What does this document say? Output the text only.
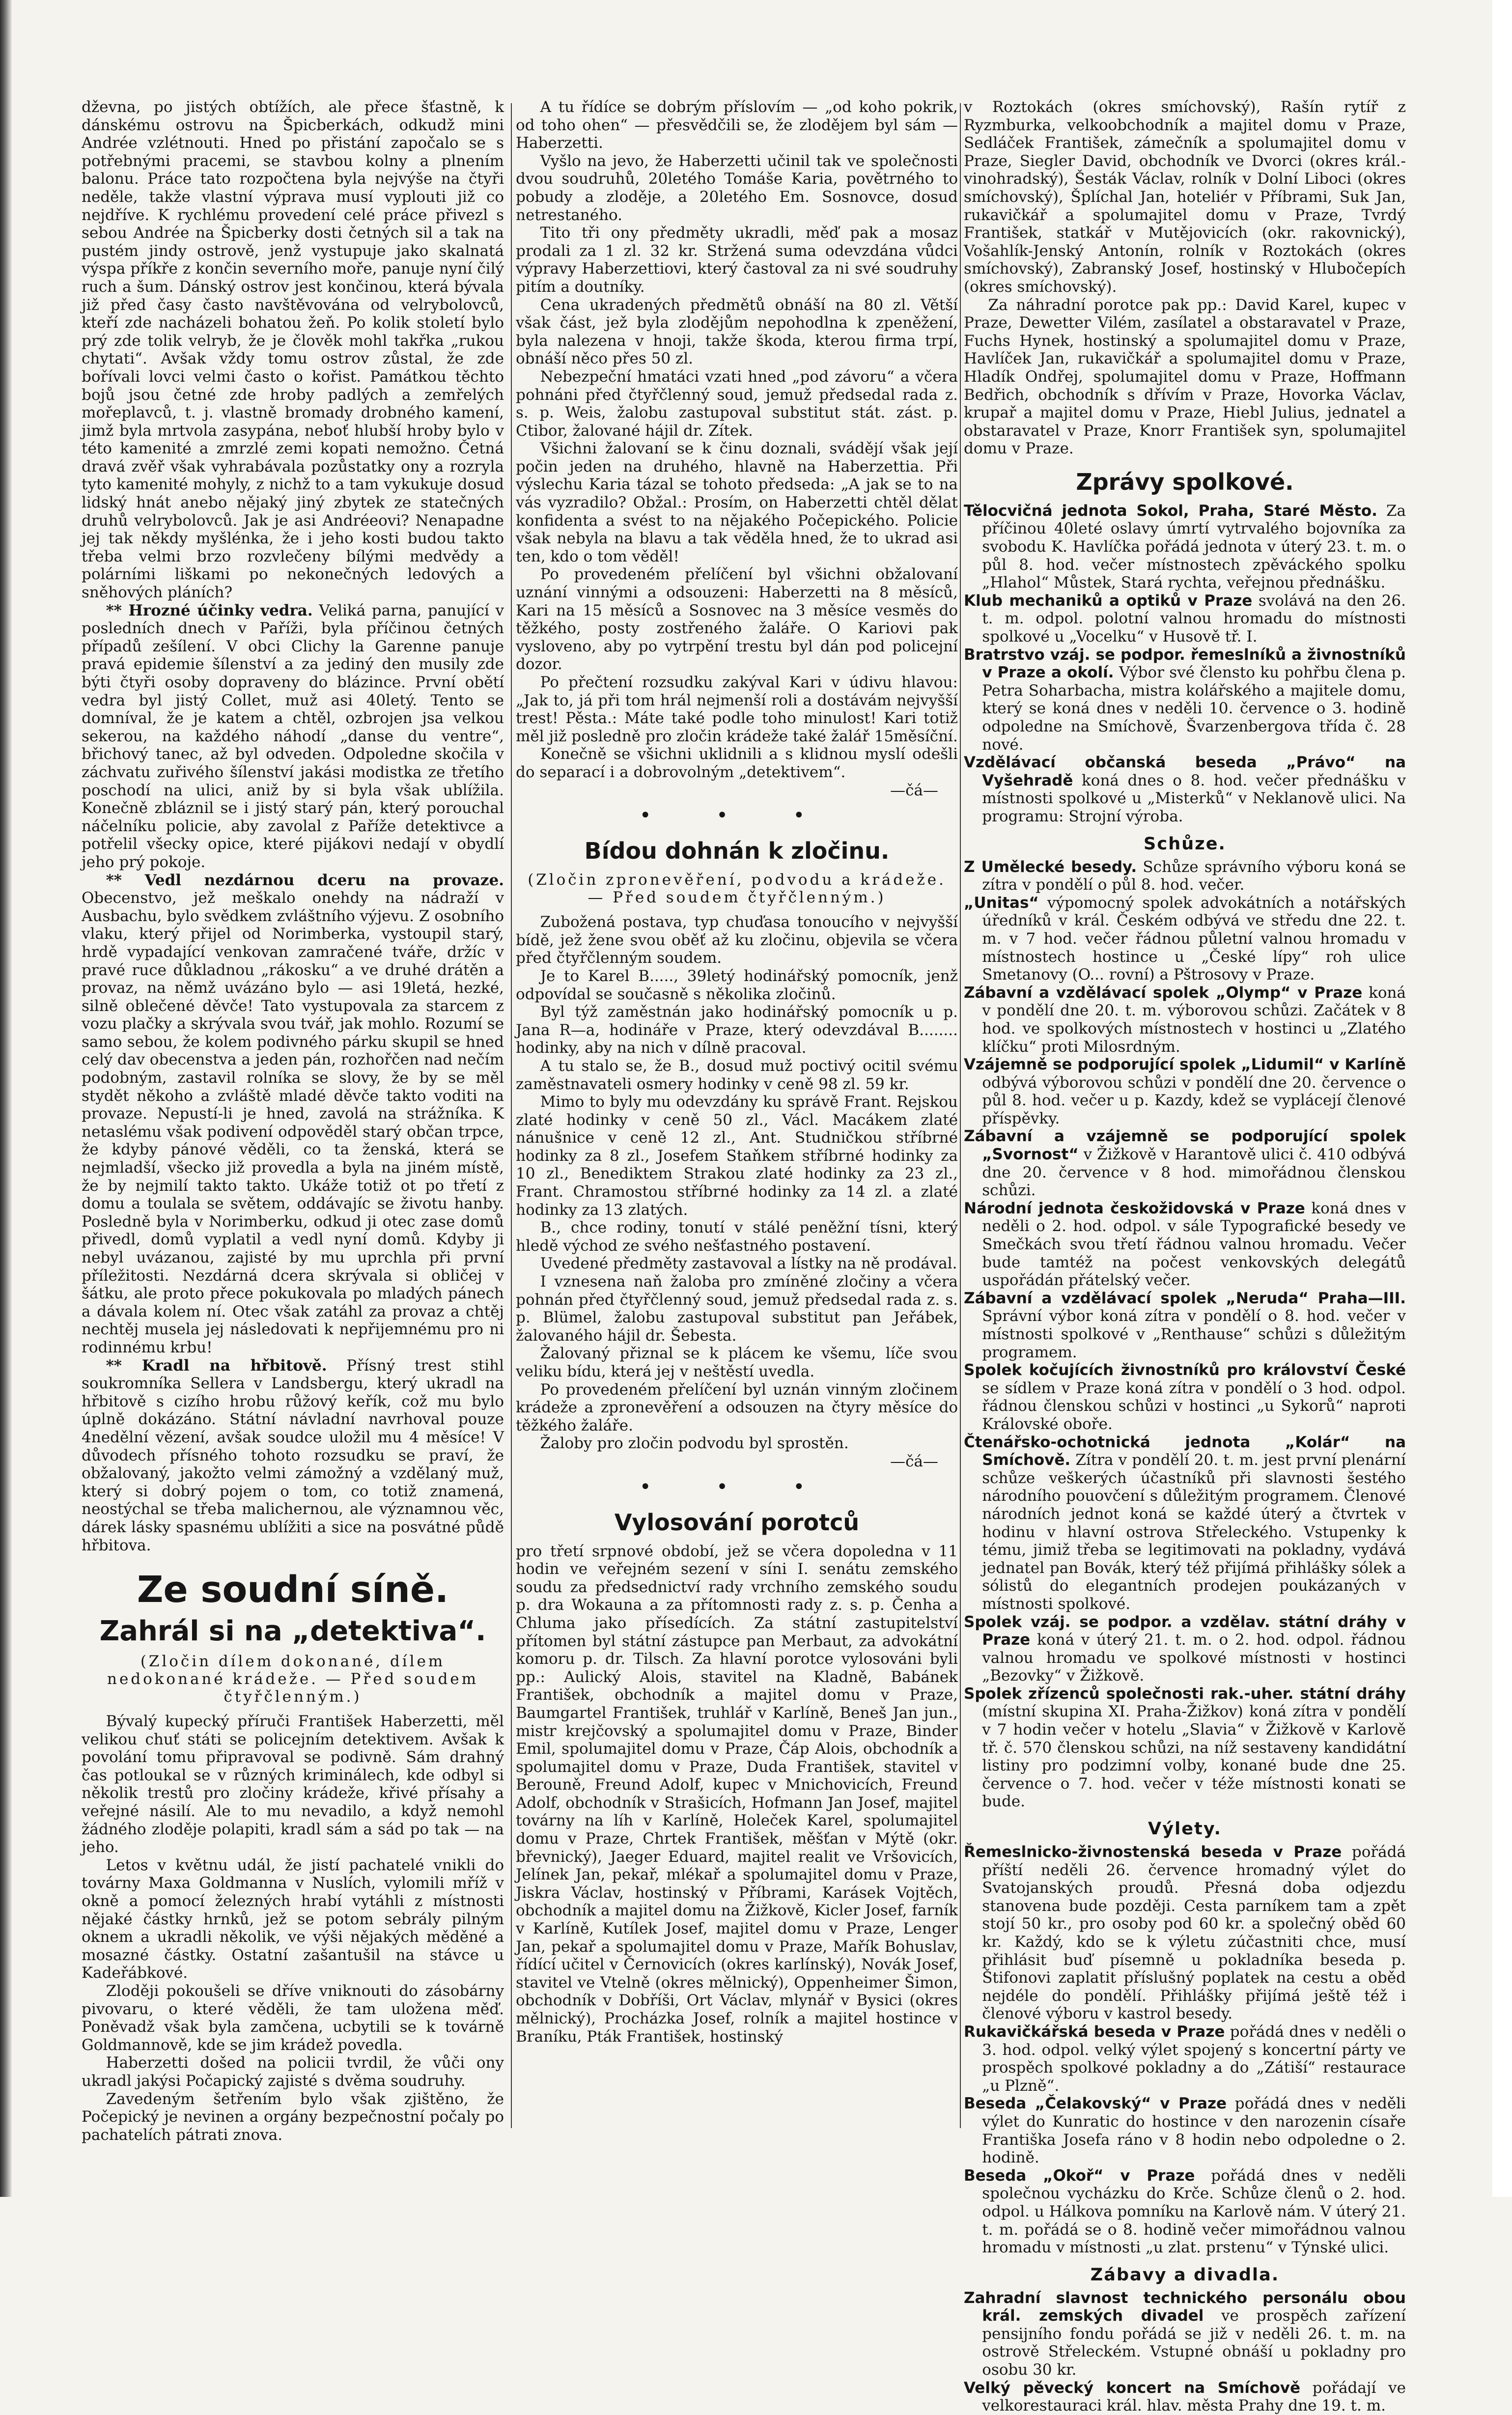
dževna, po jistých obtížích, ale přece šťastně, k dánskému ostrovu na Špicberkách, odkudž mini Andrée vzlétnouti. Hned po přistání započalo se s potřebnými pracemi, se stavbou kolny a plnením balonu. Práce tato rozpočtena byla nejvýše na čtyři neděle, takže vlastní výprava musí vyplouti již co nejdříve. K rychlému provedení celé práce přivezl s sebou Andrée na Špicberky dosti četných sil a tak na pustém jindy ostrově, jenž vystupuje jako skalnatá výspa příkře z končin severního moře, panuje nyní čilý ruch a šum. Dánský ostrov jest končinou, která bývala již před časy často navštěvována od velrybolovců, kteří zde nacházeli bohatou žeň. Po kolik století bylo prý zde tolik velryb, že je člověk mohl takřka „rukou chytati“. Avšak vždy tomu ostrov zůstal, že zde bořívali lovci velmi často o kořist. Památkou těchto bojů jsou četné zde hroby padlých a zemřelých mořeplavců, t. j. vlastně bromady drobného kamení, jimž byla mrtvola zasypána, neboť hlubší hroby bylo v této kamenité a zmrzlé zemi kopati nemožno. Četná dravá zvěř však vyhrabávala pozůstatky ony a rozryla tyto kamenité mohyly, z nichž to a tam vykukuje dosud lidský hnát anebo nějaký jiný zbytek ze statečných druhů velrybolovců. Jak je asi Andréeovi? Nenapadne jej tak někdy myšlénka, že i jeho kosti budou takto třeba velmi brzo rozvlečeny bílými medvědy a polárními liškami po nekonečných ledových a sněhových pláních?

** Hrozné účinky vedra. Veliká parna, panující v posledních dnech v Paříži, byla příčinou četných případů zešílení. V obci Clichy la Garenne panuje pravá epidemie šílenství a za jediný den musily zde býti čtyři osoby dopraveny do blázince. První obětí vedra byl jistý Collet, muž asi 40letý. Tento se domníval, že je katem a chtěl, ozbrojen jsa velkou sekerou, na každého náhodí „danse du ventre“, břichový tanec, až byl odveden. Odpoledne skočila v záchvatu zuřivého šílenství jakási modistka ze třetího poschodí na ulici, aniž by si byla však ublížila. Konečně zbláznil se i jistý starý pán, který porouchal náčelníku policie, aby zavolal z Paříže detektivce a potřelil všecky opice, které pijákovi nedají v obydlí jeho prý pokoje.

** Vedl nezdárnou dceru na provaze. Obecenstvo, jež meškalo onehdy na nádraží v Ausbachu, bylo svědkem zvláštního výjevu. Z osobního vlaku, který přijel od Norimberka, vystoupil starý, hrdě vypadající venkovan zamračené tváře, držíc v pravé ruce důkladnou „rákosku“ a ve druhé drátěn a provaz, na němž uvázáno bylo — asi 19letá, hezké, silně oblečené děvče! Tato vystupovala za starcem z vozu plačky a skrývala svou tvář, jak mohlo. Rozumí se samo sebou, že kolem podivného párku skupil se hned celý dav obecenstva a jeden pán, rozhořčen nad nečím podobným, zastavil rolníka se slovy, že by se měl stydět někoho a zvláště mladé děvče takto voditi na provaze. Nepustí-li je hned, zavolá na strážníka. K netaslému však podivení odpověděl starý občan trpce, že kdyby pánové věděli, co ta ženská, která se nejmladší, všecko již provedla a byla na jiném místě, že by nejmilí takto takto. Ukáže totiž ot po třetí z domu a toulala se světem, oddávajíc se životu hanby. Posledně byla v Norimberku, odkud ji otec zase domů přivedl, domů vyplatil a vedl nyní domů. Kdyby ji nebyl uvázanou, zajisté by mu uprchla při první příležitosti. Nezdárná dcera skrývala si obličej v šátku, ale proto přece pokukovala po mladých pánech a dávala kolem ní. Otec však zatáhl za provaz a chtěj nechtěj musela jej následovati k nepřijemnému pro ni rodinnému krbu!

** Kradl na hřbitově. Přísný trest stihl soukromníka Sellera v Landsbergu, který ukradl na hřbitově s cizího hrobu růžový keřík, což mu bylo úplně dokázáno. Státní návladní navrhoval pouze 4nedělní vězení, avšak soudce uložil mu 4 měsíce! V důvodech přísného tohoto rozsudku se praví, že obžalovaný, jakožto velmi zámožný a vzdělaný muž, který si dobrý pojem o tom, co totiž znamená, neostýchal se třeba malichernou, ale významnou věc, dárek lásky spasnému ublížiti a sice na posvátné půdě hřbitova.

Ze soudní síně.
Zahrál si na „detektiva“.
(Zločin dílem dokonané, dílem nedokonané krádeže. — Před soudem čtyřčlenným.)

Bývalý kupecký příruči František Haberzetti, měl velikou chuť státi se policejním detektivem. Avšak k povolání tomu připravoval se podivně. Sám drahný čas potloukal se v různých kriminálech, kde odbyl si několik trestů pro zločiny krádeže, křivé přísahy a veřejné násilí. Ale to mu nevadilo, a když nemohl žádného zloděje polapiti, kradl sám a sád po tak — na jeho.

Letos v květnu udál, že jistí pachatelé vnikli do továrny Maxa Goldmanna v Nuslích, vylomili mříž v okně a pomocí železných hrabí vytáhli z místnosti nějaké částky hrnků, jež se potom sebrály pilným oknem a ukradli několik, ve výši nějakých měděné a mosazné částky. Ostatní zašantušil na stávce u Kadeřábkové.

Zloději pokoušeli se dříve vniknouti do zásobárny pivovaru, o které věděli, že tam uložena měď. Poněvadž však byla zamčena, ucbytili se k továrně Goldmannově, kde se jim krádež povedla.

Haberzetti došed na policii tvrdil, že vůči ony ukradl jakýsi Počapický zajisté s dvěma soudruhy.

Zavedeným šetřením bylo však zjištěno, že Počepický je nevinen a orgány bezpečnostní počaly po pachatelích pátrati znova.

A tu řídíce se dobrým příslovím — „od koho pokrik, od toho ohen“ — přesvědčili se, že zlodějem byl sám — Haberzetti.

Vyšlo na jevo, že Haberzetti učinil tak ve společnosti dvou soudruhů, 20letého Tomáše Karia, povětrného to pobudy a zloděje, a 20letého Em. Sosnovce, dosud netrestaného.

Tito tři ony předměty ukradli, měď pak a mosaz prodali za 1 zl. 32 kr. Stržená suma odevzdána vůdci výpravy Haberzettiovi, který častoval za ni své soudruhy pitím a doutníky.

Cena ukradených předmětů obnáší na 80 zl. Větší však část, jež byla zlodějům nepohodlna k zpeněžení, byla nalezena v hnoji, takže škoda, kterou firma trpí, obnáší něco přes 50 zl.

Nebezpeční hmatáci vzati hned „pod závoru“ a včera pohnáni před čtyřčlenný soud, jemuž předsedal rada z. s. p. Weis, žalobu zastupoval substitut stát. zást. p. Ctibor, žalované hájil dr. Zítek.

Všichni žalovaní se k činu doznali, svádějí však její počin jeden na druhého, hlavně na Haberzettia. Při výslechu Karia tázal se tohoto předseda: „A jak se to na vás vyzradilo? Obžal.: Prosím, on Haberzetti chtěl dělat konfidenta a svést to na nějakého Počepického. Policie však nebyla na blavu a tak věděla hned, že to ukrad asi ten, kdo o tom věděl!

Po provedeném přelíčení byl všichni obžalovaní uznání vinnými a odsouzeni: Haberzetti na 8 měsíců, Kari na 15 měsíců a Sosnovec na 3 měsíce vesměs do těžkého, posty zostřeného žaláře. O Kariovi pak vysloveno, aby po vytrpění trestu byl dán pod policejní dozor.

Po přečtení rozsudku zakýval Kari v údivu hlavou: „Jak to, já při tom hrál nejmenší roli a dostávám nejvyšší trest! Pěsta.: Máte také podle toho minulost! Kari totiž měl již posledně pro zločin krádeže také žalář 15měsíční.

Konečně se všichni uklidnili a s klidnou myslí odešli do separací i a dobrovolným „detektivem“.

—čá—

• • •
Bídou dohnán k zločinu.
(Zločin zpronevěření, podvodu a krádeže. — Před soudem čtyřčlenným.)

Zubožená postava, typ chuďasa tonoucího v nejvyšší bídě, jež žene svou oběť až ku zločinu, objevila se včera před čtyřčlenným soudem.

Je to Karel B....., 39letý hodinářský pomocník, jenž odpovídal se současně s několika zločinů.

Byl týž zaměstnán jako hodinářský pomocník u p. Jana R—a, hodináře v Praze, který odevzdával B........ hodinky, aby na nich v dílně pracoval.

A tu stalo se, že B., dosud muž poctivý ocitil svému zaměstnavateli osmery hodinky v ceně 98 zl. 59 kr.

Mimo to byly mu odevzdány ku správě Frant. Rejskou zlaté hodinky v ceně 50 zl., Václ. Macákem zlaté nánušnice v ceně 12 zl., Ant. Studničkou stříbrné hodinky za 8 zl., Josefem Staňkem stříbrné hodinky za 10 zl., Benediktem Strakou zlaté hodinky za 23 zl., Frant. Chramostou stříbrné hodinky za 14 zl. a zlaté hodinky za 13 zlatých.

B., chce rodiny, tonutí v stálé peněžní tísni, který hledě východ ze svého nešťastného postavení.

Uvedené předměty zastavoval a lístky na ně prodával.

I vznesena naň žaloba pro zmíněné zločiny a včera pohnán před čtyřčlenný soud, jemuž předsedal rada z. s. p. Blümel, žalobu zastupoval substitut pan Jeřábek, žalovaného hájil dr. Šebesta.

Žalovaný přiznal se k plácem ke všemu, líče svou veliku bídu, která jej v neštěstí uvedla.

Po provedeném přelíčení byl uznán vinným zločinem krádeže a zpronevěření a odsouzen na čtyry měsíce do těžkého žaláře.

Žaloby pro zločin podvodu byl sprostěn.

—čá—

• • •
Vylosování porotců

pro třetí srpnové období, jež se včera dopoledna v 11 hodin ve veřejném sezení v síni I. senátu zemského soudu za předsednictví rady vrchního zemského soudu p. dra Wokauna a za přítomnosti rady z. s. p. Čenha a Chluma jako přísedících. Za státní zastupitelství přítomen byl státní zástupce pan Merbaut, za advokátní komoru p. dr. Tilsch. Za hlavní porotce vylosováni byli pp.: Aulický Alois, stavitel na Kladně, Babánek František, obchodník a majitel domu v Praze, Baumgartel František, truhlář v Karlíně, Beneš Jan jun., mistr krejčovský a spolumajitel domu v Praze, Binder Emil, spolumajitel domu v Praze, Čáp Alois, obchodník a spolumajitel domu v Praze, Duda František, stavitel v Berouně, Freund Adolf, kupec v Mnichovicích, Freund Adolf, obchodník v Strašicích, Hofmann Jan Josef, majitel továrny na líh v Karlíně, Holeček Karel, spolumajitel domu v Praze, Chrtek František, měšťan v Mýtě (okr. břevnický), Jaeger Eduard, majitel realit ve Vršovicích, Jelínek Jan, pekař, mlékař a spolumajitel domu v Praze, Jiskra Václav, hostinský v Příbrami, Karásek Vojtěch, obchodník a majitel domu na Žižkově, Kicler Josef, farník v Karlíně, Kutílek Josef, majitel domu v Praze, Lenger Jan, pekař a spolumajitel domu v Praze, Mařík Bohuslav, řídící učitel v Černovicích (okres karlínský), Novák Josef, stavitel ve Vtelně (okres mělnický), Oppenheimer Šimon, obchodník v Dobříši, Ort Václav, mlynář v Bysici (okres mělnický), Procházka Josef, rolník a majitel hostince v Braníku, Pták František, hostinský

v Roztokách (okres smíchovský), Rašín rytíř z Ryzmburka, velkoobchodník a majitel domu v Praze, Sedláček František, zámečník a spolumajitel domu v Praze, Siegler David, obchodník ve Dvorci (okres král.-vinohradský), Šesták Václav, rolník v Dolní Liboci (okres smíchovský), Šplíchal Jan, hoteliér v Příbrami, Suk Jan, rukavičkář a spolumajitel domu v Praze, Tvrdý František, statkář v Mutějovicích (okr. rakovnický), Vošahlík-Jenský Antonín, rolník v Roztokách (okres smíchovský), Zabranský Josef, hostinský v Hlubočepích (okres smíchovský).

Za náhradní porotce pak pp.: David Karel, kupec v Praze, Dewetter Vilém, zasílatel a obstaravatel v Praze, Fuchs Hynek, hostinský a spolumajitel domu v Praze, Havlíček Jan, rukavičkář a spolumajitel domu v Praze, Hladík Ondřej, spolumajitel domu v Praze, Hoffmann Bedřich, obchodník s dřívím v Praze, Hovorka Václav, krupař a majitel domu v Praze, Hiebl Julius, jednatel a obstaravatel v Praze, Knorr František syn, spolumajitel domu v Praze.

Zprávy spolkové.

Tělocvičná jednota Sokol, Praha, Staré Město. Za příčinou 40leté oslavy úmrtí vytrvalého bojovníka za svobodu K. Havlíčka pořádá jednota v úterý 23. t. m. o půl 8. hod. večer místnostech zpěváckého spolku „Hlahol“ Můstek, Stará rychta, veřejnou přednášku.

Klub mechaniků a optiků v Praze svolává na den 26. t. m. odpol. polotní valnou hromadu do místnosti spolkové u „Vocelku“ v Husově tř. I.

Bratrstvo vzáj. se podpor. řemeslníků a živnostníků v Praze a okolí. Výbor své člensto ku pohřbu člena p. Petra Soharbacha, mistra kolářského a majitele domu, který se koná dnes v neděli 10. července o 3. hodině odpoledne na Smíchově, Švarzenbergova třída č. 28 nové.

Vzdělávací občanská beseda „Právo“ na Vyšehradě koná dnes o 8. hod. večer přednášku v místnosti spolkové u „Misterků“ v Neklanově ulici. Na programu: Strojní výroba.

Schůze.

Z Umělecké besedy. Schůze správního výboru koná se zítra v pondělí o půl 8. hod. večer.

„Unitas“ výpomocný spolek advokátních a notářských úředníků v král. Českém odbývá ve středu dne 22. t. m. v 7 hod. večer řádnou půletní valnou hromadu v místnostech hostince u „České lípy“ roh ulice Smetanovy (O... rovní) a Pštrosovy v Praze.

Zábavní a vzdělávací spolek „Olymp“ v Praze koná v pondělí dne 20. t. m. výborovou schůzi. Začátek v 8 hod. ve spolkových místnostech v hostinci u „Zlatého klíčku“ proti Milosrdným.

Vzájemně se podporující spolek „Lidumil“ v Karlíně odbývá výborovou schůzi v pondělí dne 20. července o půl 8. hod. večer u p. Kazdy, kdež se vyplácejí členové příspěvky.

Zábavní a vzájemně se podporující spolek „Svornost“ v Žižkově v Harantově ulici č. 410 odbývá dne 20. července v 8 hod. mimořádnou členskou schůzi.

Národní jednota českožidovská v Praze koná dnes v neděli o 2. hod. odpol. v sále Typografické besedy ve Smečkách svou třetí řádnou valnou hromadu. Večer bude tamtéž na počest venkovských delegátů uspořádán přátelský večer.

Zábavní a vzdělávací spolek „Neruda“ Praha—III. Správní výbor koná zítra v pondělí o 8. hod. večer v místnosti spolkové v „Renthause“ schůzi s důležitým programem.

Spolek kočujících živnostníků pro království České se sídlem v Praze koná zítra v pondělí o 3 hod. odpol. řádnou členskou schůzi v hostinci „u Sykorů“ naproti Královské oboře.

Čtenářsko-ochotnická jednota „Kolár“ na Smíchově. Zítra v pondělí 20. t. m. jest první plenární schůze veškerých účastníků při slavnosti šestého národního pouovčení s důležitým programem. Členové národních jednot koná se každé úterý a čtvrtek v hodinu v hlavní ostrova Střeleckého. Vstupenky k tému, jimiž třeba se legitimovati na pokladny, vydává jednatel pan Bovák, který též přijímá přihlášky sólek a sólistů do elegantních prodejen poukázaných v místnosti spolkové.

Spolek vzáj. se podpor. a vzdělav. státní dráhy v Praze koná v úterý 21. t. m. o 2. hod. odpol. řádnou valnou hromadu ve spolkové místnosti v hostinci „Bezovky“ v Žižkově.

Spolek zřízenců společnosti rak.-uher. státní dráhy (místní skupina XI. Praha-Žižkov) koná zítra v pondělí v 7 hodin večer v hotelu „Slavia“ v Žižkově v Karlově tř. č. 570 členskou schůzi, na níž sestaveny kandidátní listiny pro podzimní volby, konané bude dne 25. července o 7. hod. večer v téže místnosti konati se bude.

Výlety.

Řemeslnicko-živnostenská beseda v Praze pořádá příští neděli 26. července hromadný výlet do Svatojanských proudů. Přesná doba odjezdu stanovena bude později. Cesta parníkem tam a zpět stojí 50 kr., pro osoby pod 60 kr. a společný oběd 60 kr. Každý, kdo se k výletu zúčastniti chce, musí přihlásit buď písemně u pokladníka beseda p. Štifonovi zaplatit příslušný poplatek na cestu a oběd nejdéle do pondělí. Přihlášky přijímá ještě též i členové výboru v kastrol besedy.

Rukavičkářská beseda v Praze pořádá dnes v neděli o 3. hod. odpol. velký výlet spojený s koncertní párty ve prospěch spolkové pokladny a do „Zátiší“ restaurace „u Plzně“.

Beseda „Čelakovský“ v Praze pořádá dnes v neděli výlet do Kunratic do hostince v den narozenin císaře Františka Josefa ráno v 8 hodin nebo odpoledne o 2. hodině.

Beseda „Okoř“ v Praze pořádá dnes v neděli společnou vycházku do Krče. Schůze členů o 2. hod. odpol. u Hálkova pomníku na Karlově nám. V úterý 21. t. m. pořádá se o 8. hodině večer mimořádnou valnou hromadu v místnosti „u zlat. prstenu“ v Týnské ulici.

Zábavy a divadla.

Zahradní slavnost technického personálu obou král. zemských divadel ve prospěch zařízení pensijního fondu pořádá se již v neděli 26. t. m. na ostrově Střeleckém. Vstupné obnáší u pokladny pro osobu 30 kr.

Velký pěvecký koncert na Smíchově pořádají ve velkorestauraci král. hlav. města Prahy dne 19. t. m.
